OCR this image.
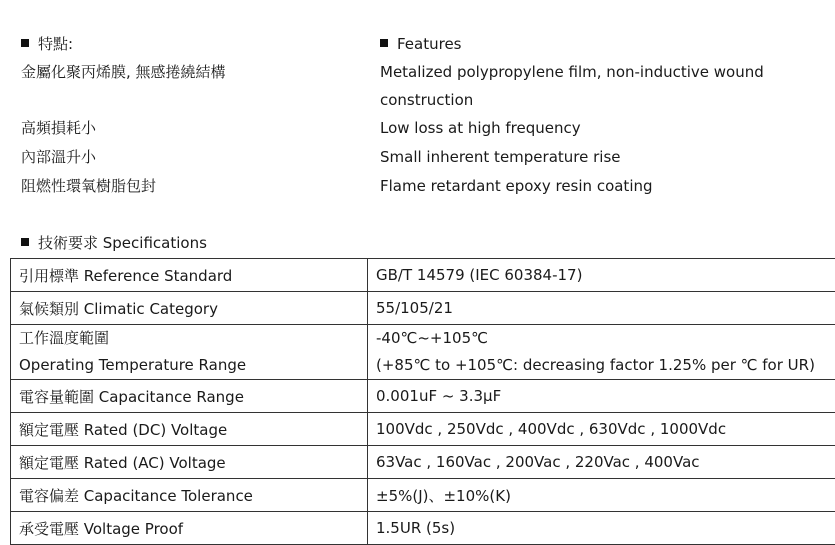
特點:	Features
金屬化聚丙烯膜, 無感捲繞結構	Metalized polypropylene film, non-inductive wound
construction
高頻損耗小	Low loss at high frequency
內部溫升小	Small inherent temperature rise
阻燃性環氧樹脂包封	Flame retardant epoxy resin coating
技術要求 Specifications
引用標準 Reference Standard	GB/T 14579 (IEC 60384-17)
氣候類別 Climatic Category	55/105/21

工作溫度範圍
Operating Temperature Range	-40℃~+105℃
(+85℃ to +105℃: decreasing factor 1.25% per ℃ for UR)

電容量範圍 Capacitance Range	0.001uF ~ 3.3μF
額定電壓 Rated (DC) Voltage	100Vdc , 250Vdc , 400Vdc , 630Vdc , 1000Vdc
額定電壓 Rated (AC) Voltage	63Vac , 160Vac , 200Vac , 220Vac , 400Vac
電容偏差 Capacitance Tolerance	±5%(J)、±10%(K)
承受電壓 Voltage Proof	1.5UR (5s)
